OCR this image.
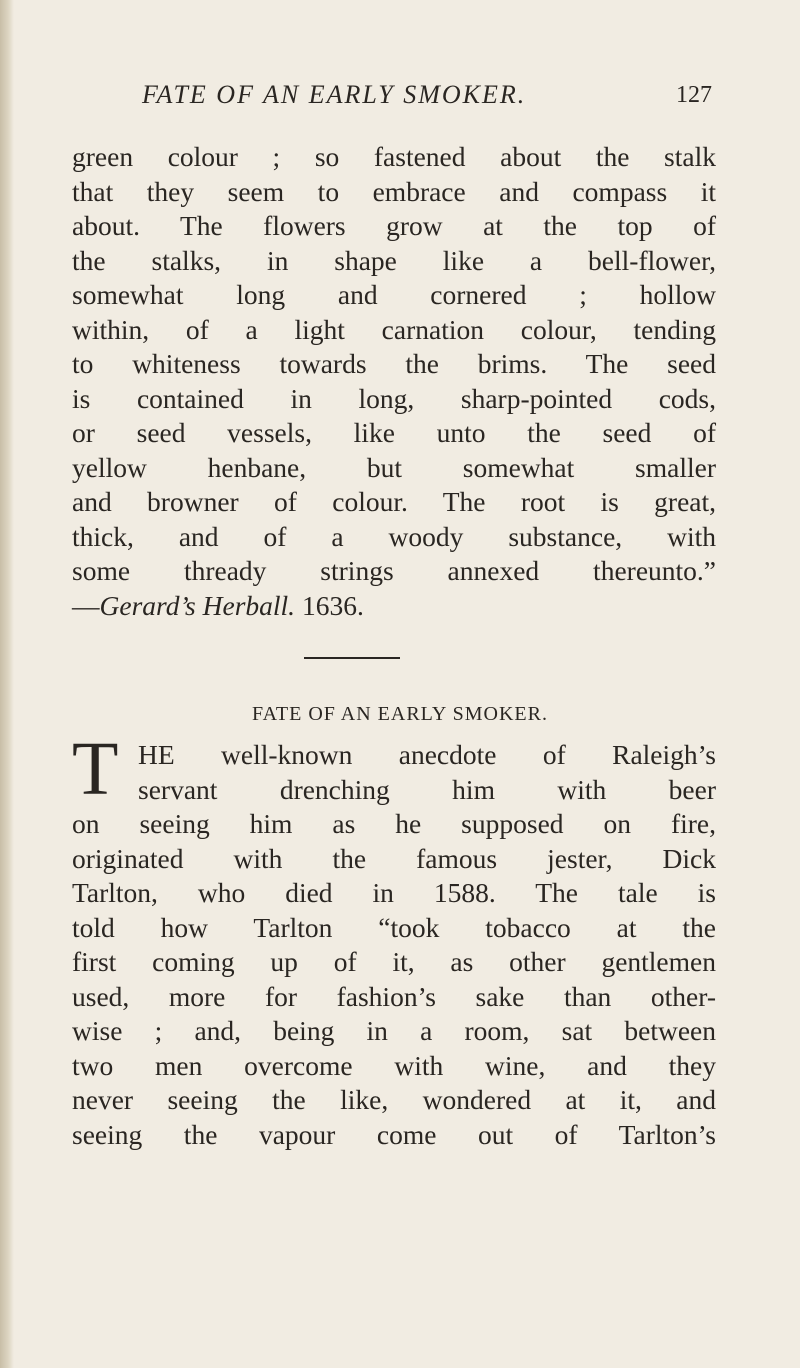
FATE OF AN EARLY SMOKER.	127
green colour ; so fastened about the stalk
that they seem to embrace and compass it
about. The flowers grow at the top of
the stalks, in shape like a bell-flower,
somewhat long and cornered ; hollow
within, of a light carnation colour, tending
to whiteness towards the brims. The seed
is contained in long, sharp-pointed cods,
or seed vessels, like unto the seed of
yellow henbane, but somewhat smaller
and browner of colour. The root is great,
thick, and of a woody substance, with
some thready strings annexed thereunto.”
—Gerard’s Herball. 1636.
FATE OF AN EARLY SMOKER.
T HE well-known anecdote of Raleigh’s
servant drenching him with beer
on seeing him as he supposed on fire,
originated with the famous jester, Dick
Tarlton, who died in 1588. The tale is
told how Tarlton “took tobacco at the
first coming up of it, as other gentlemen
used, more for fashion’s sake than other-
wise ; and, being in a room, sat between
two men overcome with wine, and they
never seeing the like, wondered at it, and
seeing the vapour come out of Tarlton’s
